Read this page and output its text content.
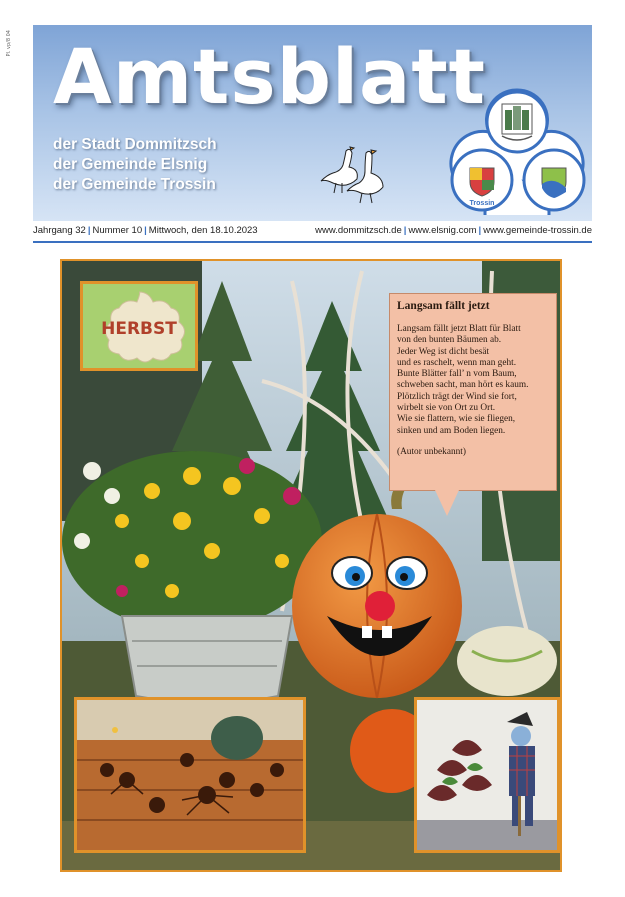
Pl. vp/8 04 Amtsblatt
der Stadt Dommitzsch
der Gemeinde Elsnig
der Gemeinde Trossin
Trossin
Jahrgang 32 | Nummer 10 | Mittwoch, den 18.10.2023	www.dommitzsch.de | www.elsnig.com | www.gemeinde-trossin.de
HERBST
Langsam fällt jetzt
Langsam fällt jetzt Blatt für Blatt
von den bunten Bäumen ab.
Jeder Weg ist dicht besät
und es raschelt, wenn man geht.
Bunte Blätter fall’ n vom Baum,
schweben sacht, man hört es kaum.
Plötzlich trägt der Wind sie fort,
wirbelt sie von Ort zu Ort.
Wie sie flattern, wie sie fliegen,
sinken und am Boden liegen.
(Autor unbekannt)
